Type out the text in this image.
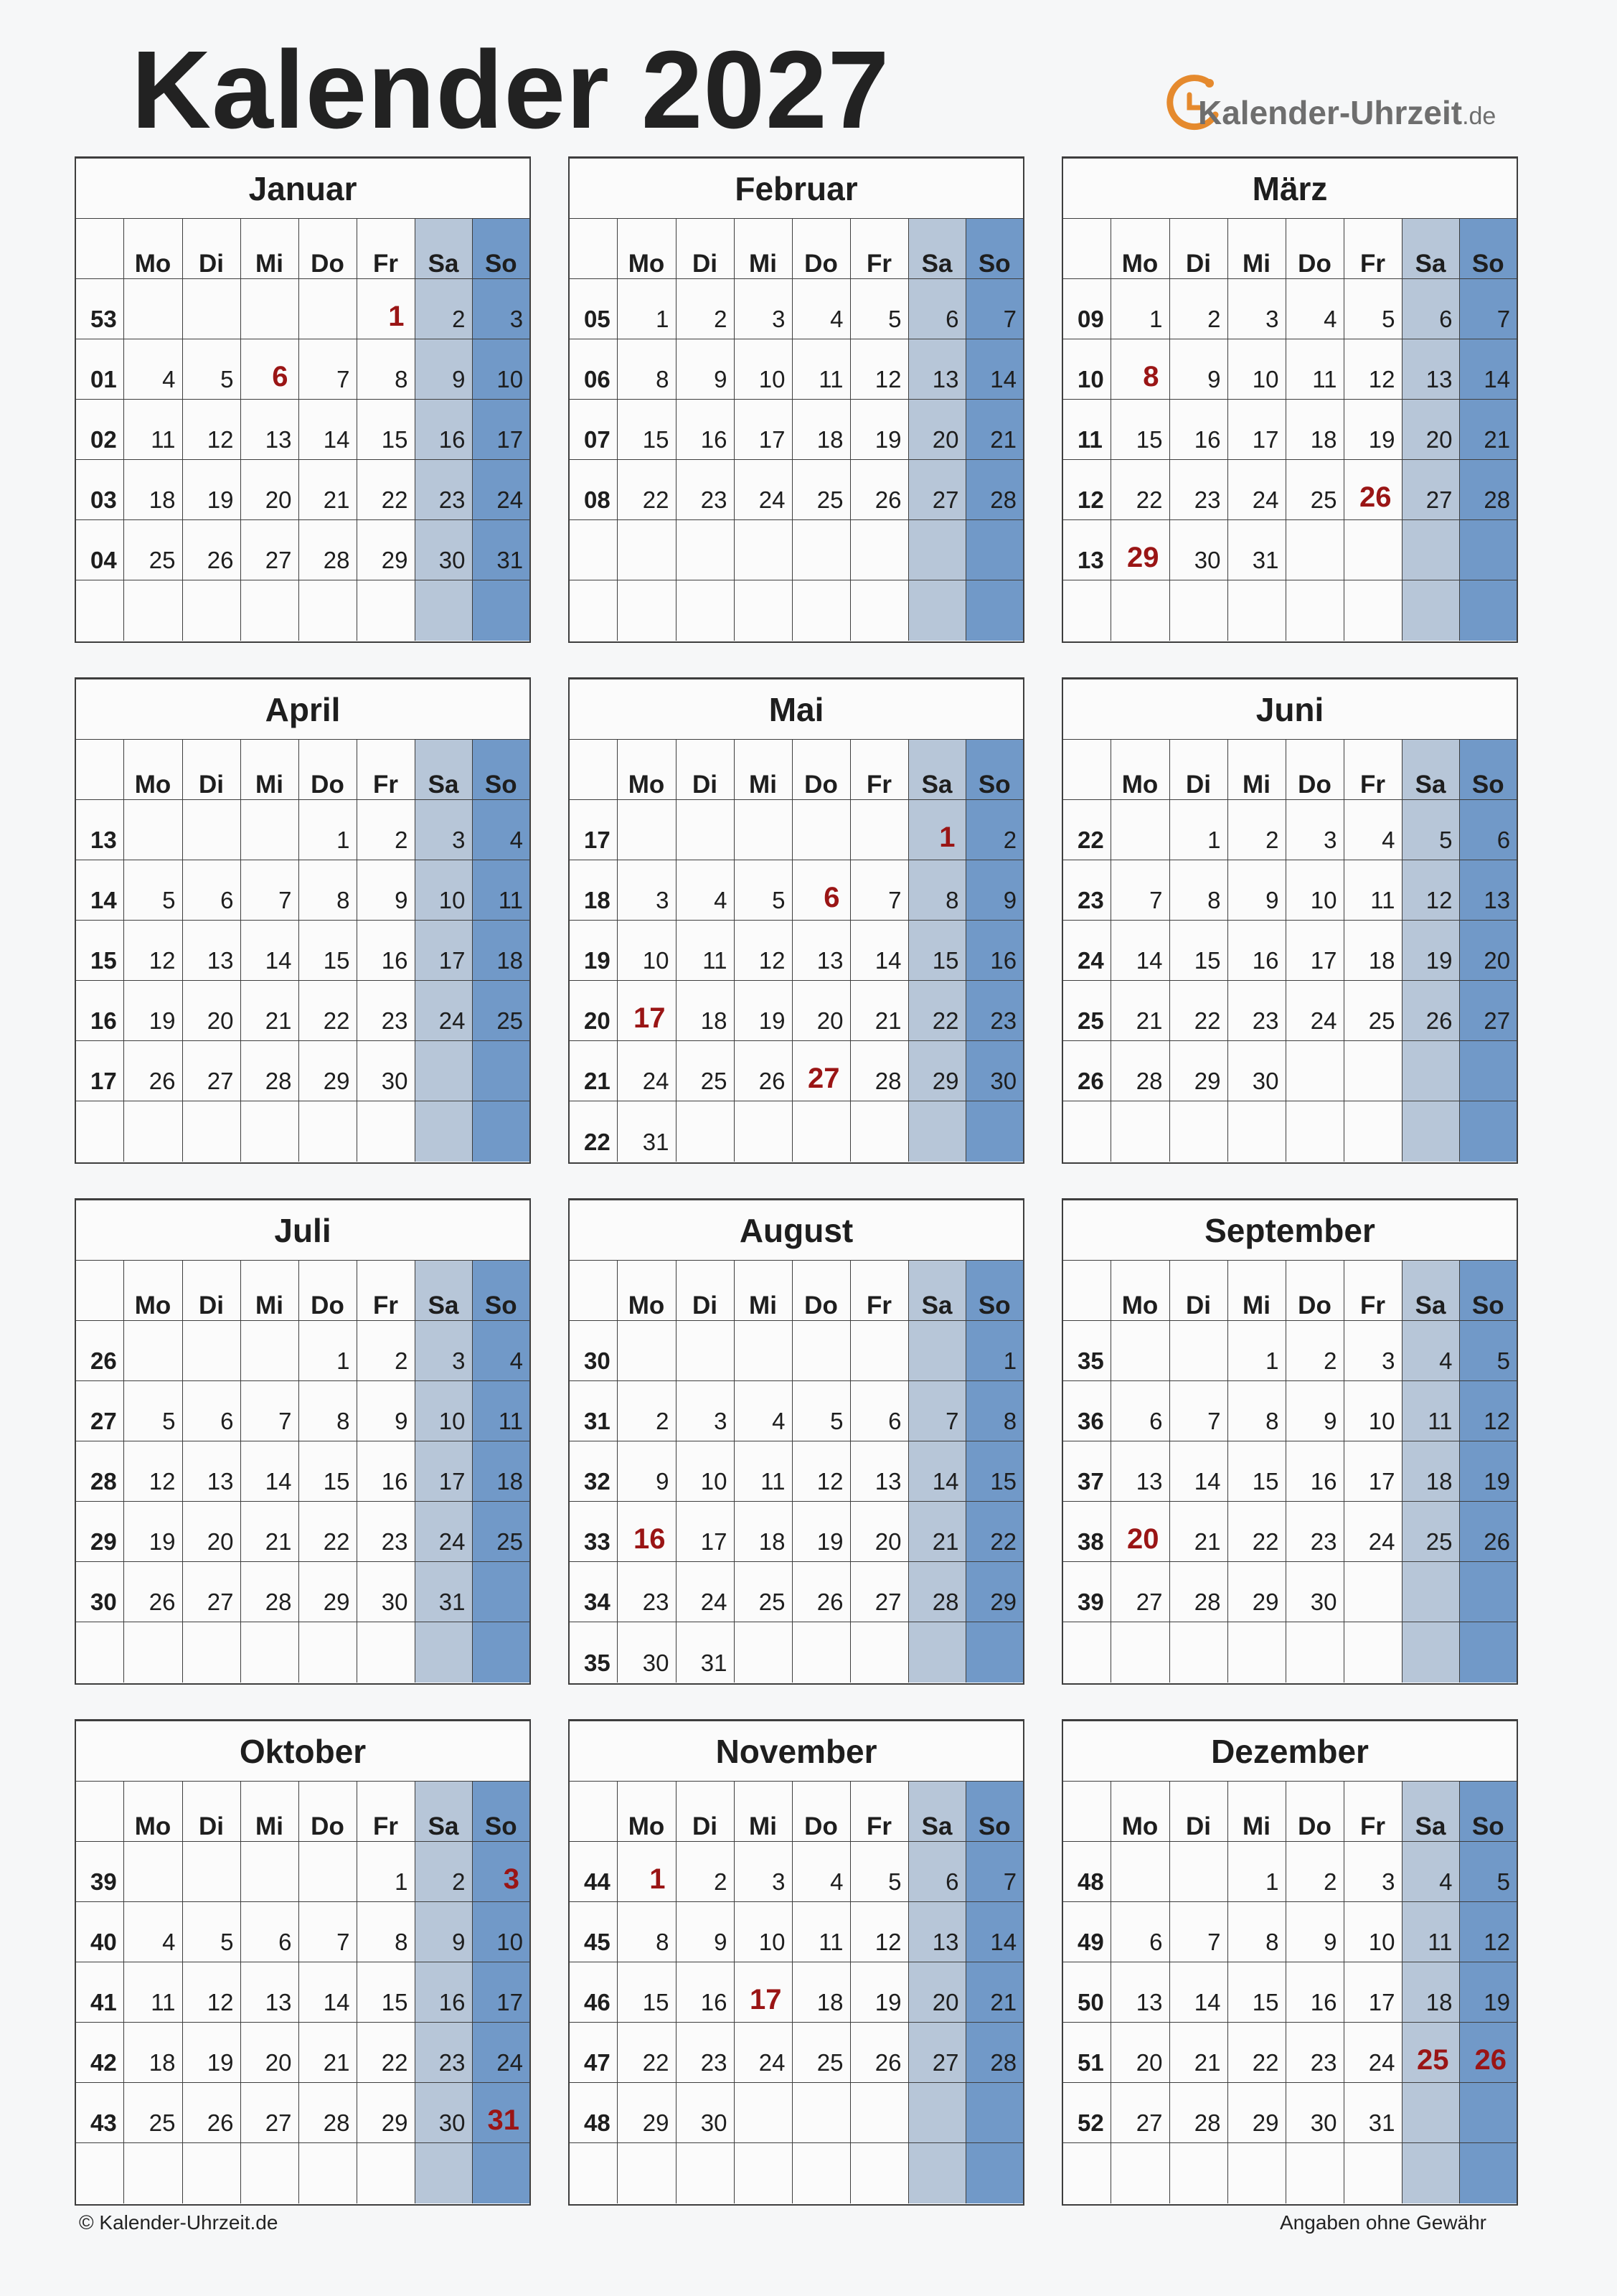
Kalender 2027	Kalender-Uhrzeit.de
Januar							
	Mo	Di	Mi	Do	Fr	Sa	So
53					1	2	3
01	4	5	6	7	8	9	10
02	11	12	13	14	15	16	17
03	18	19	20	21	22	23	24
04	25	26	27	28	29	30	31

Februar							
	Mo	Di	Mi	Do	Fr	Sa	So
05	1	2	3	4	5	6	7
06	8	9	10	11	12	13	14
07	15	16	17	18	19	20	21
08	22	23	24	25	26	27	28

März							
	Mo	Di	Mi	Do	Fr	Sa	So
09	1	2	3	4	5	6	7
10	8	9	10	11	12	13	14
11	15	16	17	18	19	20	21
12	22	23	24	25	26	27	28
13	29	30	31				

April							
	Mo	Di	Mi	Do	Fr	Sa	So
13				1	2	3	4
14	5	6	7	8	9	10	11
15	12	13	14	15	16	17	18
16	19	20	21	22	23	24	25
17	26	27	28	29	30		

Mai							
	Mo	Di	Mi	Do	Fr	Sa	So
17						1	2
18	3	4	5	6	7	8	9
19	10	11	12	13	14	15	16
20	17	18	19	20	21	22	23
21	24	25	26	27	28	29	30
22	31						
Juni							
	Mo	Di	Mi	Do	Fr	Sa	So
22		1	2	3	4	5	6
23	7	8	9	10	11	12	13
24	14	15	16	17	18	19	20
25	21	22	23	24	25	26	27
26	28	29	30				

Juli							
	Mo	Di	Mi	Do	Fr	Sa	So
26				1	2	3	4
27	5	6	7	8	9	10	11
28	12	13	14	15	16	17	18
29	19	20	21	22	23	24	25
30	26	27	28	29	30	31	

August							
	Mo	Di	Mi	Do	Fr	Sa	So
30							1
31	2	3	4	5	6	7	8
32	9	10	11	12	13	14	15
33	16	17	18	19	20	21	22
34	23	24	25	26	27	28	29
35	30	31					
September							
	Mo	Di	Mi	Do	Fr	Sa	So
35			1	2	3	4	5
36	6	7	8	9	10	11	12
37	13	14	15	16	17	18	19
38	20	21	22	23	24	25	26
39	27	28	29	30			

Oktober							
	Mo	Di	Mi	Do	Fr	Sa	So
39					1	2	3
40	4	5	6	7	8	9	10
41	11	12	13	14	15	16	17
42	18	19	20	21	22	23	24
43	25	26	27	28	29	30	31

November							
	Mo	Di	Mi	Do	Fr	Sa	So
44	1	2	3	4	5	6	7
45	8	9	10	11	12	13	14
46	15	16	17	18	19	20	21
47	22	23	24	25	26	27	28
48	29	30					

Dezember							
	Mo	Di	Mi	Do	Fr	Sa	So
48			1	2	3	4	5
49	6	7	8	9	10	11	12
50	13	14	15	16	17	18	19
51	20	21	22	23	24	25	26
52	27	28	29	30	31		

© Kalender-Uhrzeit.de	Angaben ohne Gewähr
